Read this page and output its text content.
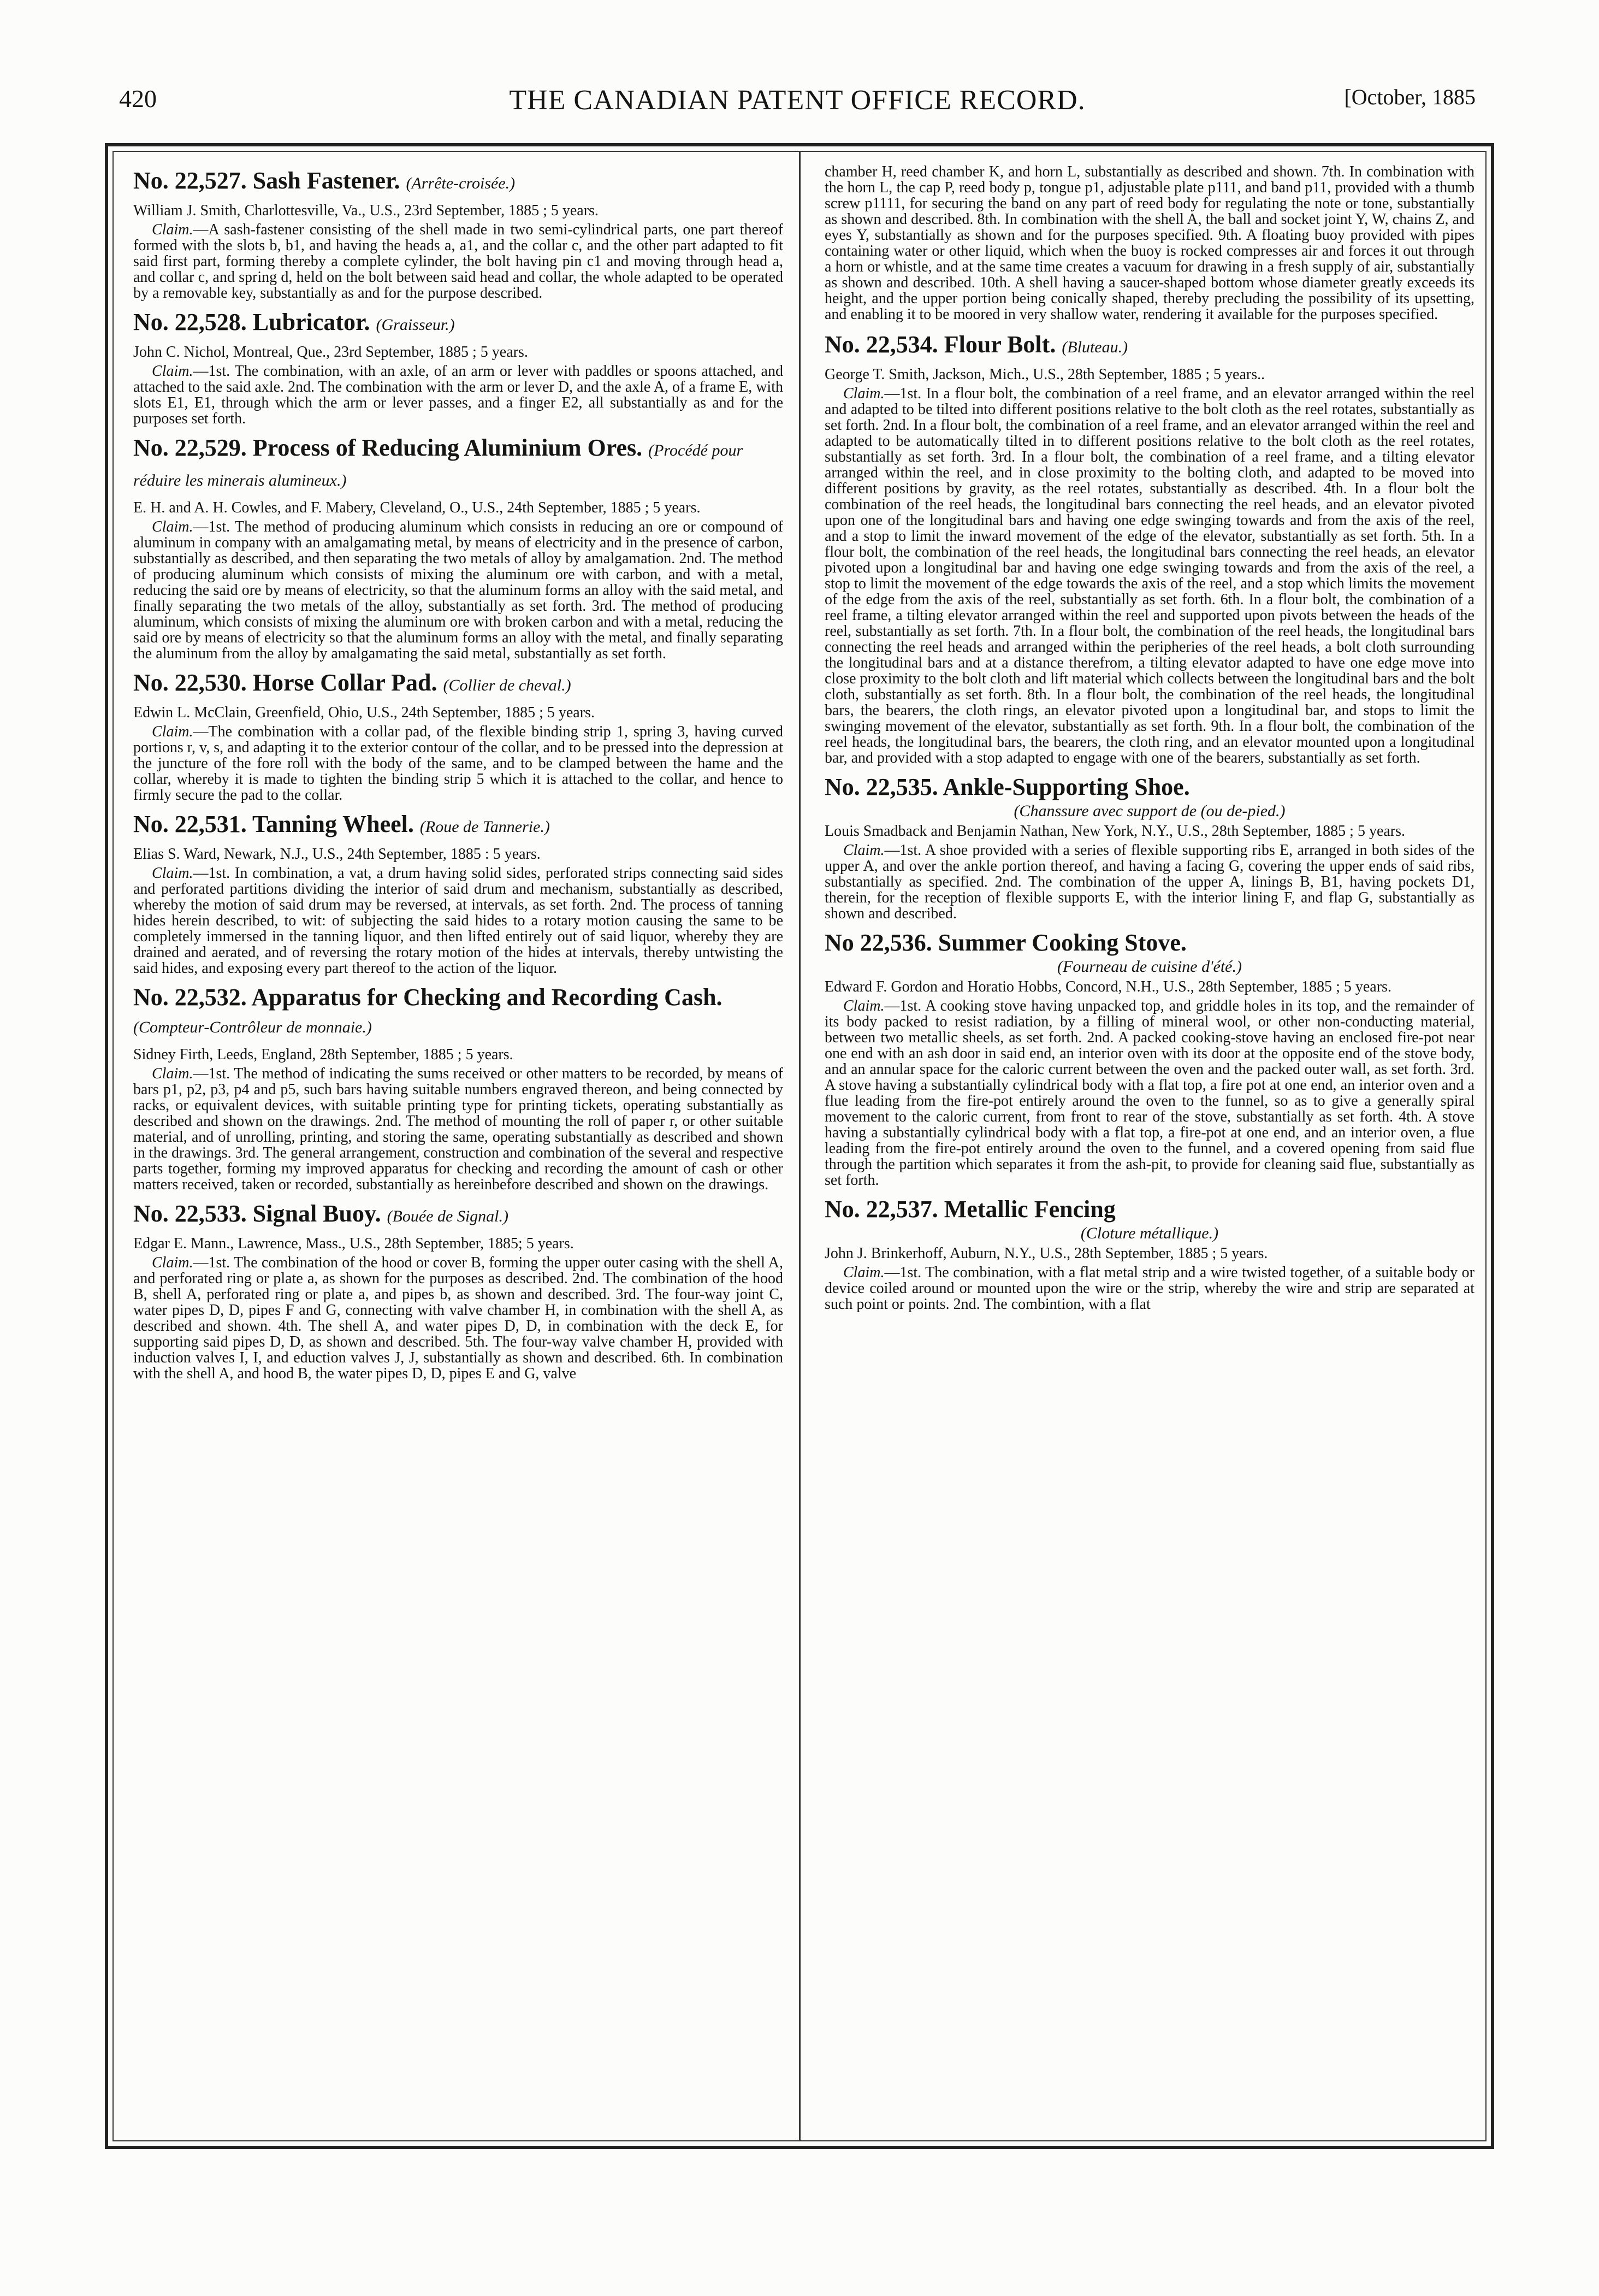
420	THE CANADIAN PATENT OFFICE RECORD.	[October, 1885
No. 22,527. Sash Fastener. (Arrête-croisée.)

William J. Smith, Charlottesville, Va., U.S., 23rd September, 1885 ; 5 years.

Claim.—A sash-fastener consisting of the shell made in two semi-cylindrical parts, one part thereof formed with the slots b, b1, and having the heads a, a1, and the collar c, and the other part adapted to fit said first part, forming thereby a complete cylinder, the bolt having pin c1 and moving through head a, and collar c, and spring d, held on the bolt between said head and collar, the whole adapted to be operated by a removable key, substantially as and for the purpose described.

No. 22,528. Lubricator. (Graisseur.)

John C. Nichol, Montreal, Que., 23rd September, 1885 ; 5 years.

Claim.—1st. The combination, with an axle, of an arm or lever with paddles or spoons attached, and attached to the said axle. 2nd. The combination with the arm or lever D, and the axle A, of a frame E, with slots E1, E1, through which the arm or lever passes, and a finger E2, all substantially as and for the purposes set forth.

No. 22,529. Process of Reducing Aluminium Ores. (Procédé pour réduire les minerais alumineux.)

E. H. and A. H. Cowles, and F. Mabery, Cleveland, O., U.S., 24th September, 1885 ; 5 years.

Claim.—1st. The method of producing aluminum which consists in reducing an ore or compound of aluminum in company with an amalgamating metal, by means of electricity and in the presence of carbon, substantially as described, and then separating the two metals of alloy by amalgamation. 2nd. The method of producing aluminum which consists of mixing the aluminum ore with carbon, and with a metal, reducing the said ore by means of electricity, so that the aluminum forms an alloy with the said metal, and finally separating the two metals of the alloy, substantially as set forth. 3rd. The method of producing aluminum, which consists of mixing the aluminum ore with broken carbon and with a metal, reducing the said ore by means of electricity so that the aluminum forms an alloy with the metal, and finally separating the aluminum from the alloy by amalgamating the said metal, substantially as set forth.

No. 22,530. Horse Collar Pad. (Collier de cheval.)

Edwin L. McClain, Greenfield, Ohio, U.S., 24th September, 1885 ; 5 years.

Claim.—The combination with a collar pad, of the flexible binding strip 1, spring 3, having curved portions r, v, s, and adapting it to the exterior contour of the collar, and to be pressed into the depression at the juncture of the fore roll with the body of the same, and to be clamped between the hame and the collar, whereby it is made to tighten the binding strip 5 which it is attached to the collar, and hence to firmly secure the pad to the collar.

No. 22,531. Tanning Wheel. (Roue de Tannerie.)

Elias S. Ward, Newark, N.J., U.S., 24th September, 1885 : 5 years.

Claim.—1st. In combination, a vat, a drum having solid sides, perforated strips connecting said sides and perforated partitions dividing the interior of said drum and mechanism, substantially as described, whereby the motion of said drum may be reversed, at intervals, as set forth. 2nd. The process of tanning hides herein described, to wit: of subjecting the said hides to a rotary motion causing the same to be completely immersed in the tanning liquor, and then lifted entirely out of said liquor, whereby they are drained and aerated, and of reversing the rotary motion of the hides at intervals, thereby untwisting the said hides, and exposing every part thereof to the action of the liquor.

No. 22,532. Apparatus for Checking and Recording Cash. (Compteur-Contrôleur de monnaie.)

Sidney Firth, Leeds, England, 28th September, 1885 ; 5 years.

Claim.—1st. The method of indicating the sums received or other matters to be recorded, by means of bars p1, p2, p3, p4 and p5, such bars having suitable numbers engraved thereon, and being connected by racks, or equivalent devices, with suitable printing type for printing tickets, operating substantially as described and shown on the drawings. 2nd. The method of mounting the roll of paper r, or other suitable material, and of unrolling, printing, and storing the same, operating substantially as described and shown in the drawings. 3rd. The general arrangement, construction and combination of the several and respective parts together, forming my improved apparatus for checking and recording the amount of cash or other matters received, taken or recorded, substantially as hereinbefore described and shown on the drawings.

No. 22,533. Signal Buoy. (Bouée de Signal.)

Edgar E. Mann., Lawrence, Mass., U.S., 28th September, 1885; 5 years.

Claim.—1st. The combination of the hood or cover B, forming the upper outer casing with the shell A, and perforated ring or plate a, as shown for the purposes as described. 2nd. The combination of the hood B, shell A, perforated ring or plate a, and pipes b, as shown and described. 3rd. The four-way joint C, water pipes D, D, pipes F and G, connecting with valve chamber H, in combination with the shell A, as described and shown. 4th. The shell A, and water pipes D, D, in combination with the deck E, for supporting said pipes D, D, as shown and described. 5th. The four-way valve chamber H, provided with induction valves I, I, and eduction valves J, J, substantially as shown and described. 6th. In combination with the shell A, and hood B, the water pipes D, D, pipes E and G, valve

chamber H, reed chamber K, and horn L, substantially as described and shown. 7th. In combination with the horn L, the cap P, reed body p, tongue p1, adjustable plate p111, and band p11, provided with a thumb screw p1111, for securing the band on any part of reed body for regulating the note or tone, substantially as shown and described. 8th. In combination with the shell A, the ball and socket joint Y, W, chains Z, and eyes Y, substantially as shown and for the purposes specified. 9th. A floating buoy provided with pipes containing water or other liquid, which when the buoy is rocked compresses air and forces it out through a horn or whistle, and at the same time creates a vacuum for drawing in a fresh supply of air, substantially as shown and described. 10th. A shell having a saucer-shaped bottom whose diameter greatly exceeds its height, and the upper portion being conically shaped, thereby precluding the possibility of its upsetting, and enabling it to be moored in very shallow water, rendering it available for the purposes specified.

No. 22,534. Flour Bolt. (Bluteau.)

George T. Smith, Jackson, Mich., U.S., 28th September, 1885 ; 5 years..

Claim.—1st. In a flour bolt, the combination of a reel frame, and an elevator arranged within the reel and adapted to be tilted into different positions relative to the bolt cloth as the reel rotates, substantially as set forth. 2nd. In a flour bolt, the combination of a reel frame, and an elevator arranged within the reel and adapted to be automatically tilted in to different positions relative to the bolt cloth as the reel rotates, substantially as set forth. 3rd. In a flour bolt, the combination of a reel frame, and a tilting elevator arranged within the reel, and in close proximity to the bolting cloth, and adapted to be moved into different positions by gravity, as the reel rotates, substantially as described. 4th. In a flour bolt the combination of the reel heads, the longitudinal bars connecting the reel heads, and an elevator pivoted upon one of the longitudinal bars and having one edge swinging towards and from the axis of the reel, and a stop to limit the inward movement of the edge of the elevator, substantially as set forth. 5th. In a flour bolt, the combination of the reel heads, the longitudinal bars connecting the reel heads, an elevator pivoted upon a longitudinal bar and having one edge swinging towards and from the axis of the reel, a stop to limit the movement of the edge towards the axis of the reel, and a stop which limits the movement of the edge from the axis of the reel, substantially as set forth. 6th. In a flour bolt, the combination of a reel frame, a tilting elevator arranged within the reel and supported upon pivots between the heads of the reel, substantially as set forth. 7th. In a flour bolt, the combination of the reel heads, the longitudinal bars connecting the reel heads and arranged within the peripheries of the reel heads, a bolt cloth surrounding the longitudinal bars and at a distance therefrom, a tilting elevator adapted to have one edge move into close proximity to the bolt cloth and lift material which collects between the longitudinal bars and the bolt cloth, substantially as set forth. 8th. In a flour bolt, the combination of the reel heads, the longitudinal bars, the bearers, the cloth rings, an elevator pivoted upon a longitudinal bar, and stops to limit the swinging movement of the elevator, substantially as set forth. 9th. In a flour bolt, the combination of the reel heads, the longitudinal bars, the bearers, the cloth ring, and an elevator mounted upon a longitudinal bar, and provided with a stop adapted to engage with one of the bearers, substantially as set forth.

No. 22,535. Ankle-Supporting Shoe.
(Chanssure avec support de (ou de-pied.)

Louis Smadback and Benjamin Nathan, New York, N.Y., U.S., 28th September, 1885 ; 5 years.

Claim.—1st. A shoe provided with a series of flexible supporting ribs E, arranged in both sides of the upper A, and over the ankle portion thereof, and having a facing G, covering the upper ends of said ribs, substantially as specified. 2nd. The combination of the upper A, linings B, B1, having pockets D1, therein, for the reception of flexible supports E, with the interior lining F, and flap G, substantially as shown and described.

No 22,536. Summer Cooking Stove.
(Fourneau de cuisine d'été.)

Edward F. Gordon and Horatio Hobbs, Concord, N.H., U.S., 28th September, 1885 ; 5 years.

Claim.—1st. A cooking stove having unpacked top, and griddle holes in its top, and the remainder of its body packed to resist radiation, by a filling of mineral wool, or other non-conducting material, between two metallic sheels, as set forth. 2nd. A packed cooking-stove having an enclosed fire-pot near one end with an ash door in said end, an interior oven with its door at the opposite end of the stove body, and an annular space for the caloric current between the oven and the packed outer wall, as set forth. 3rd. A stove having a substantially cylindrical body with a flat top, a fire pot at one end, an interior oven and a flue leading from the fire-pot entirely around the oven to the funnel, so as to give a generally spiral movement to the caloric current, from front to rear of the stove, substantially as set forth. 4th. A stove having a substantially cylindrical body with a flat top, a fire-pot at one end, and an interior oven, a flue leading from the fire-pot entirely around the oven to the funnel, and a covered opening from said flue through the partition which separates it from the ash-pit, to provide for cleaning said flue, substantially as set forth.

No. 22,537. Metallic Fencing
(Cloture métallique.)

John J. Brinkerhoff, Auburn, N.Y., U.S., 28th September, 1885 ; 5 years.

Claim.—1st. The combination, with a flat metal strip and a wire twisted together, of a suitable body or device coiled around or mounted upon the wire or the strip, whereby the wire and strip are separated at such point or points. 2nd. The combintion, with a flat
